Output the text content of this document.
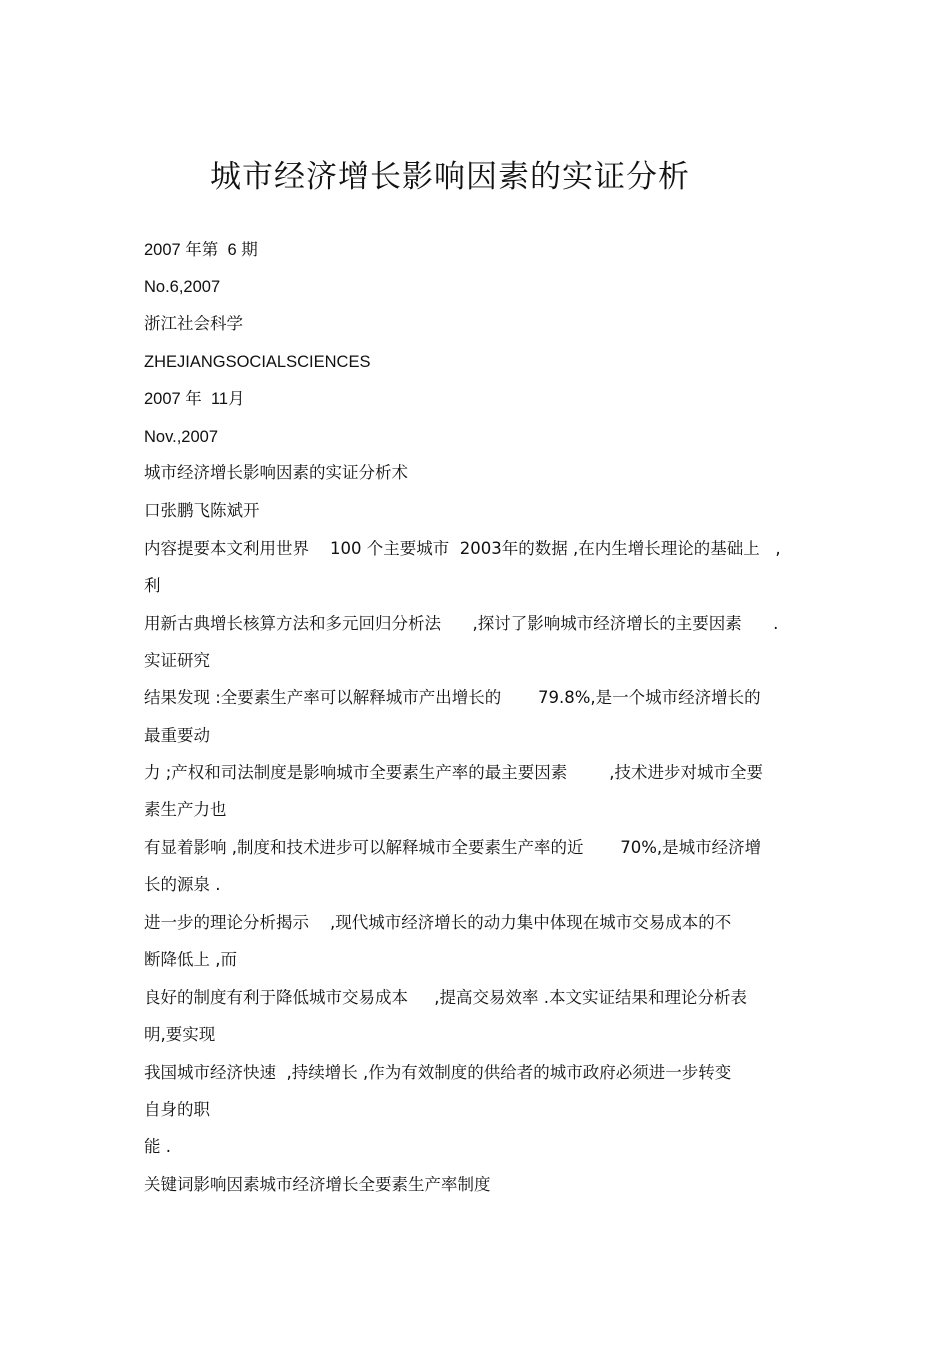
城市经济增长影响因素的实证分析
2007 年第  6 期
No.6,2007
浙江社会科学
ZHEJIANGSOCIALSCIENCES
2007 年  11月
Nov.,2007
城市经济增长影响因素的实证分析术
口张鹏飞陈斌开
内容提要本文利用世界    100 个主要城市  2003年的数据 ,在内生增长理论的基础上   ,
利
用新古典增长核算方法和多元回归分析法      ,探讨了影响城市经济增长的主要因素      .
实证研究
结果发现 :全要素生产率可以解释城市产出增长的       79.8%,是一个城市经济增长的
最重要动
力 ;产权和司法制度是影响城市全要素生产率的最主要因素        ,技术进步对城市全要
素生产力也
有显着影响 ,制度和技术进步可以解释城市全要素生产率的近       70%,是城市经济增
长的源泉 .
进一步的理论分析揭示    ,现代城市经济增长的动力集中体现在城市交易成本的不
断降低上 ,而
良好的制度有利于降低城市交易成本     ,提高交易效率 .本文实证结果和理论分析表
明,要实现
我国城市经济快速  ,持续增长 ,作为有效制度的供给者的城市政府必须进一步转变
自身的职
能 .
关键词影响因素城市经济增长全要素生产率制度
